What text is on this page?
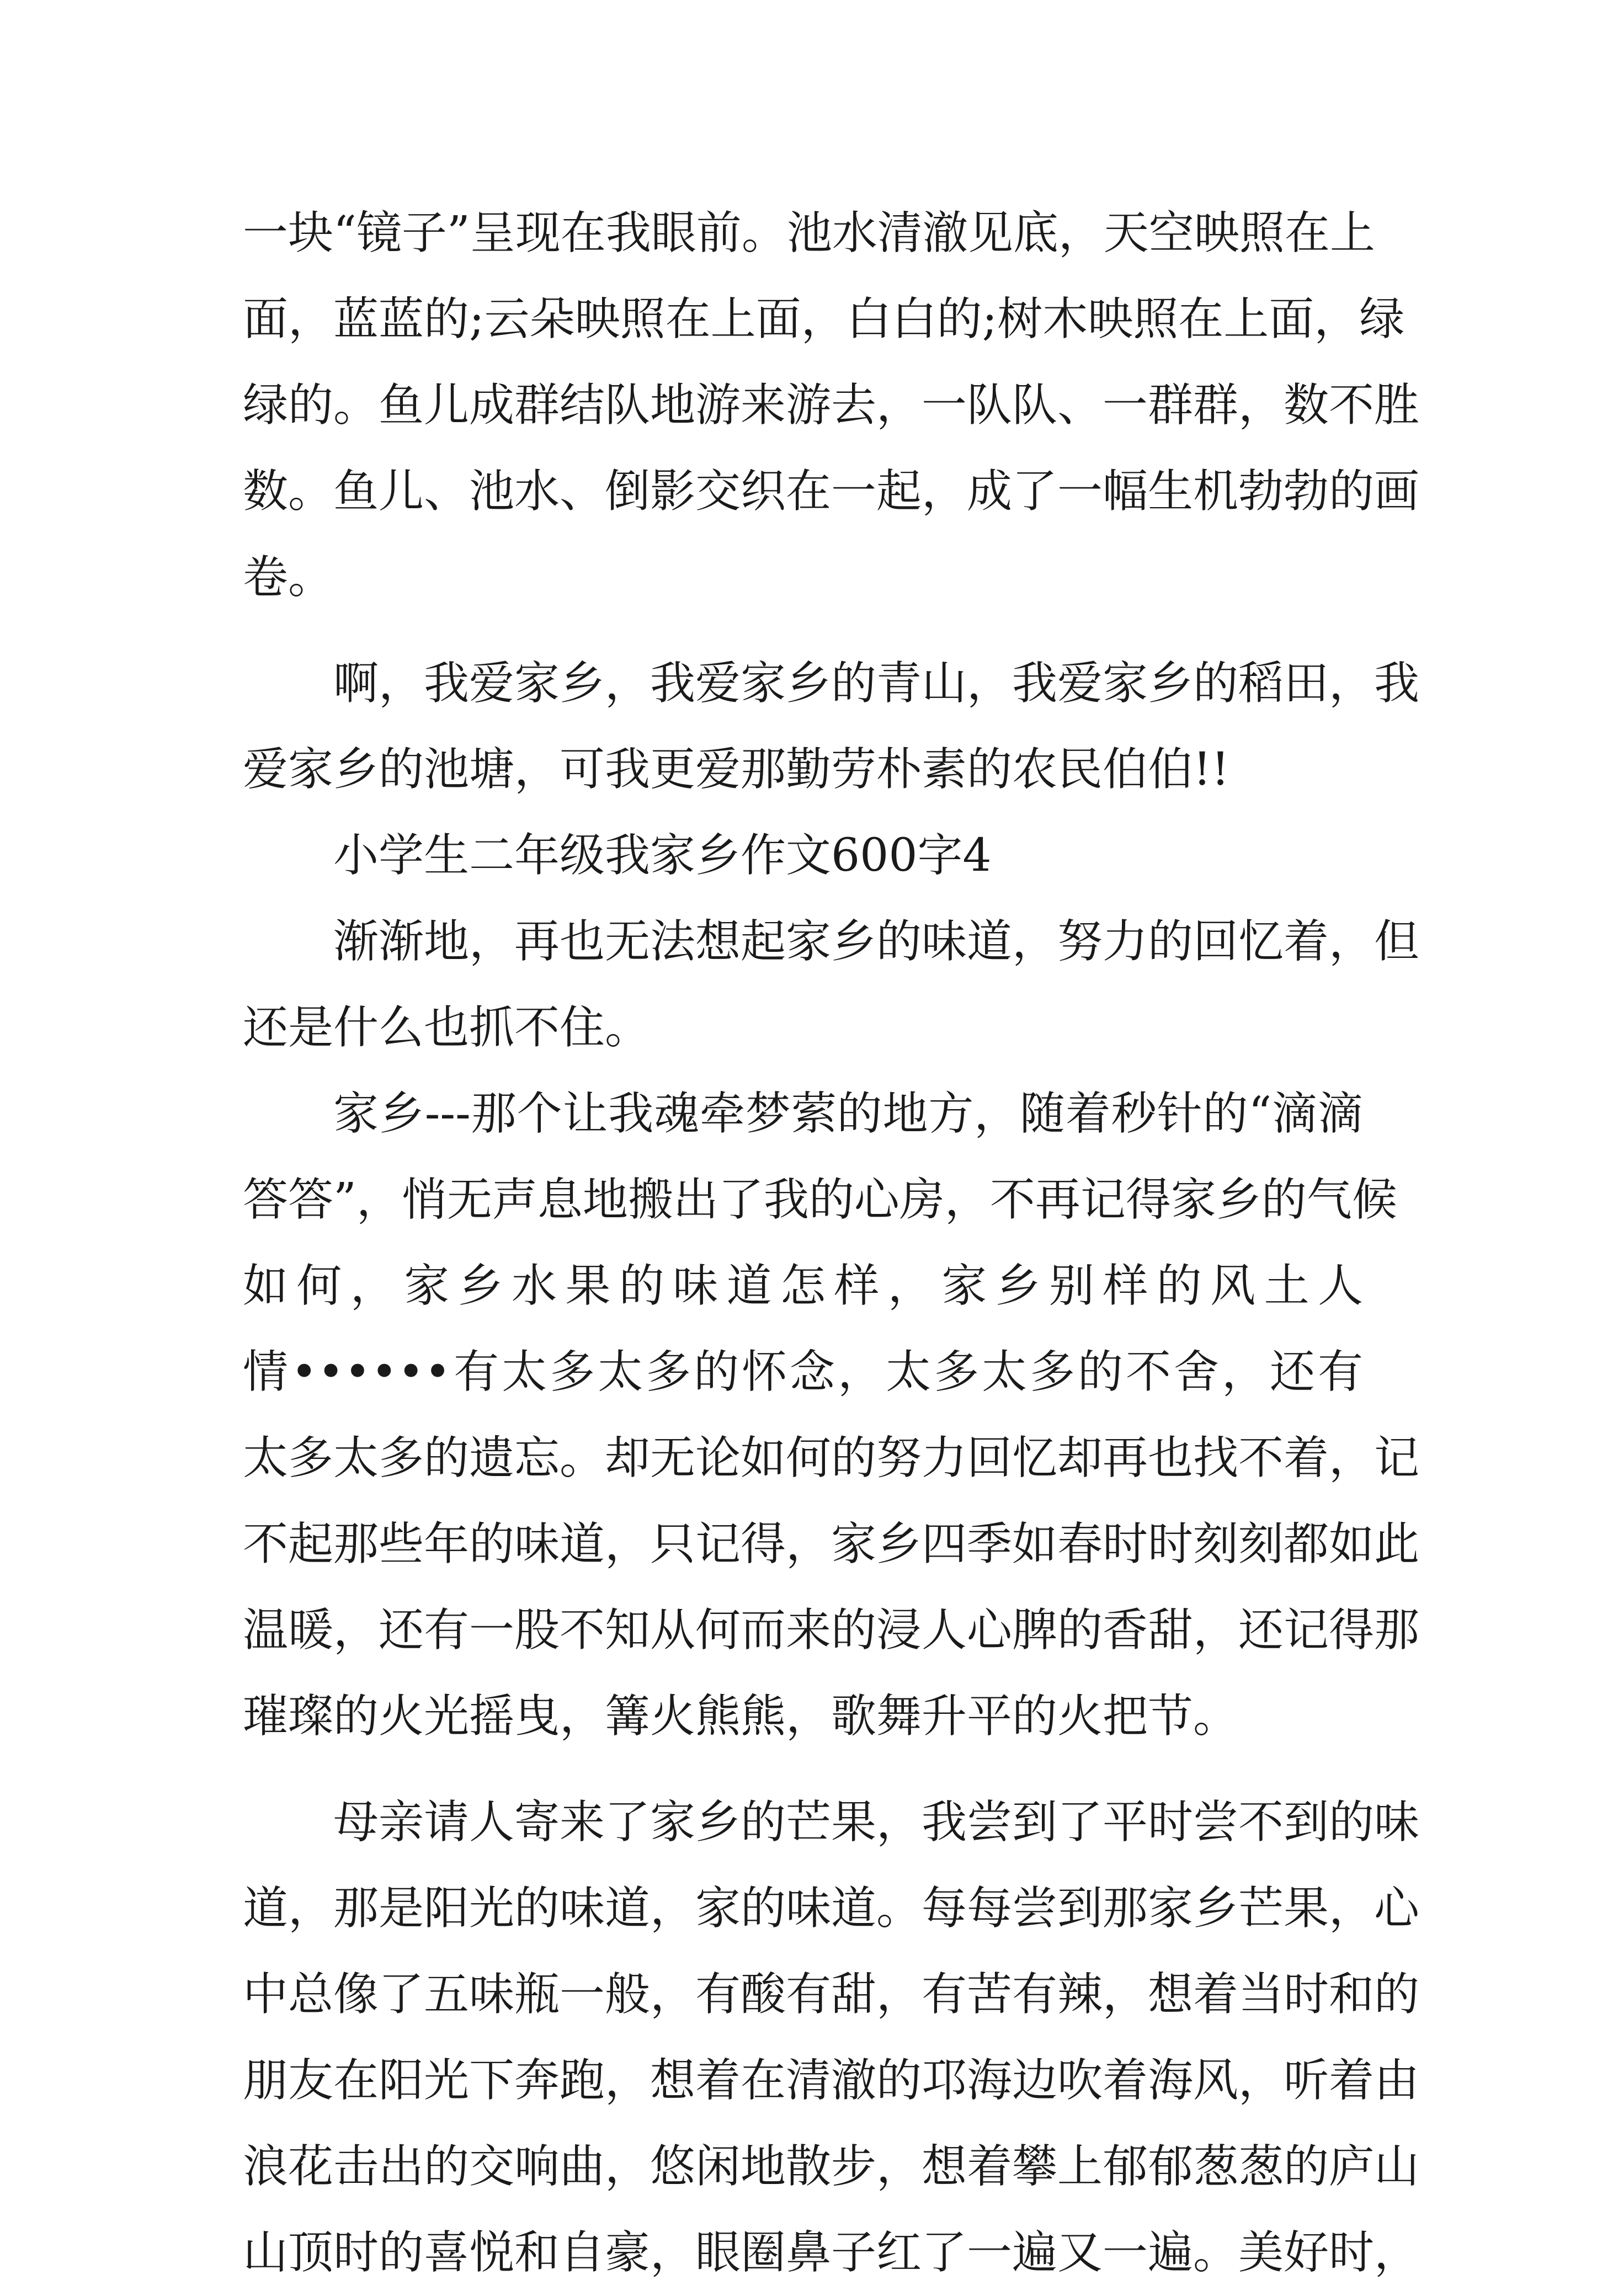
一块“镜子”呈现在我眼前。池水清澈见底，天空映照在上
面，蓝蓝的;云朵映照在上面，白白的;树木映照在上面，绿
绿的。鱼儿成群结队地游来游去，一队队、一群群，数不胜
数。鱼儿、池水、倒影交织在一起，成了一幅生机勃勃的画
卷。
啊，我爱家乡，我爱家乡的青山，我爱家乡的稻田，我
爱家乡的池塘，可我更爱那勤劳朴素的农民伯伯!!
小学生二年级我家乡作文600字4
渐渐地，再也无法想起家乡的味道，努力的回忆着，但
还是什么也抓不住。
家乡---那个让我魂牵梦萦的地方，随着秒针的“滴滴
答答”，悄无声息地搬出了我的心房，不再记得家乡的气候
如何，家乡水果的味道怎样，家乡别样的风土人
情••••••有太多太多的怀念，太多太多的不舍，还有
太多太多的遗忘。却无论如何的努力回忆却再也找不着，记
不起那些年的味道，只记得，家乡四季如春时时刻刻都如此
温暖，还有一股不知从何而来的浸人心脾的香甜，还记得那
璀璨的火光摇曳，篝火熊熊，歌舞升平的火把节。
母亲请人寄来了家乡的芒果，我尝到了平时尝不到的味
道，那是阳光的味道，家的味道。每每尝到那家乡芒果，心
中总像了五味瓶一般，有酸有甜，有苦有辣，想着当时和的
朋友在阳光下奔跑，想着在清澈的邛海边吹着海风，听着由
浪花击出的交响曲，悠闲地散步，想着攀上郁郁葱葱的庐山
山顶时的喜悦和自豪，眼圈鼻子红了一遍又一遍。美好时，
